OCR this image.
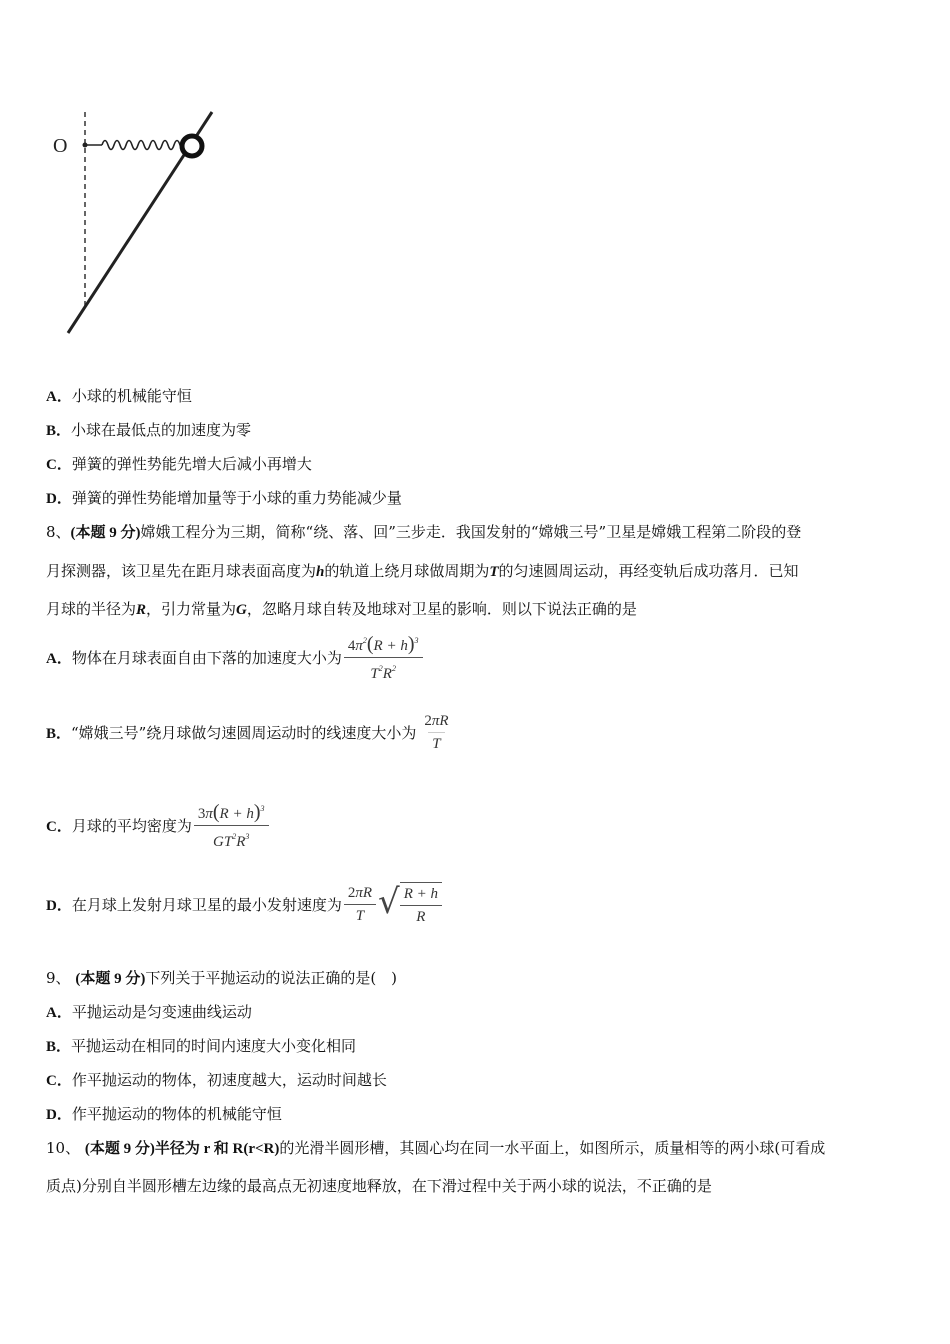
O
A．小球的机械能守恒
B．小球在最低点的加速度为零
C．弹簧的弹性势能先增大后减小再增大
D．弹簧的弹性势能增加量等于小球的重力势能减少量
8、(本题 9 分)嫦娥工程分为三期，简称“绕、落、回”三步走．我国发射的“嫦娥三号”卫星是嫦娥工程第二阶段的登
月探测器，该卫星先在距月球表面高度为h的轨道上绕月球做周期为T的匀速圆周运动，再经变轨后成功落月．已知
月球的半径为R，引力常量为G，忽略月球自转及地球对卫星的影响．则以下说法正确的是
A． 物体在月球表面自由下落的加速度大小为 $\frac{4\pi^2(R + h)^3}{T^2R^2}$
B． “嫦娥三号”绕月球做匀速圆周运动时的线速度大小为 $\frac{2\pi R}{T}$
C． 月球的平均密度为 $\frac{3\pi(R + h)^3}{GT^2R^3}$
D． 在月球上发射月球卫星的最小发射速度为 $\frac{2\pi R}{T}$ √ $\frac{R + h}{R}$
9、 (本题 9 分)下列关于平抛运动的说法正确的是(　)
A．平抛运动是匀变速曲线运动
B．平抛运动在相同的时间内速度大小变化相同
C．作平抛运动的物体，初速度越大，运动时间越长
D．作平抛运动的物体的机械能守恒
10、 (本题 9 分)半径为 r 和 R(r<R)的光滑半圆形槽，其圆心均在同一水平面上，如图所示，质量相等的两小球(可看成
质点)分别自半圆形槽左边缘的最高点无初速度地释放，在下滑过程中关于两小球的说法，不正确的是
